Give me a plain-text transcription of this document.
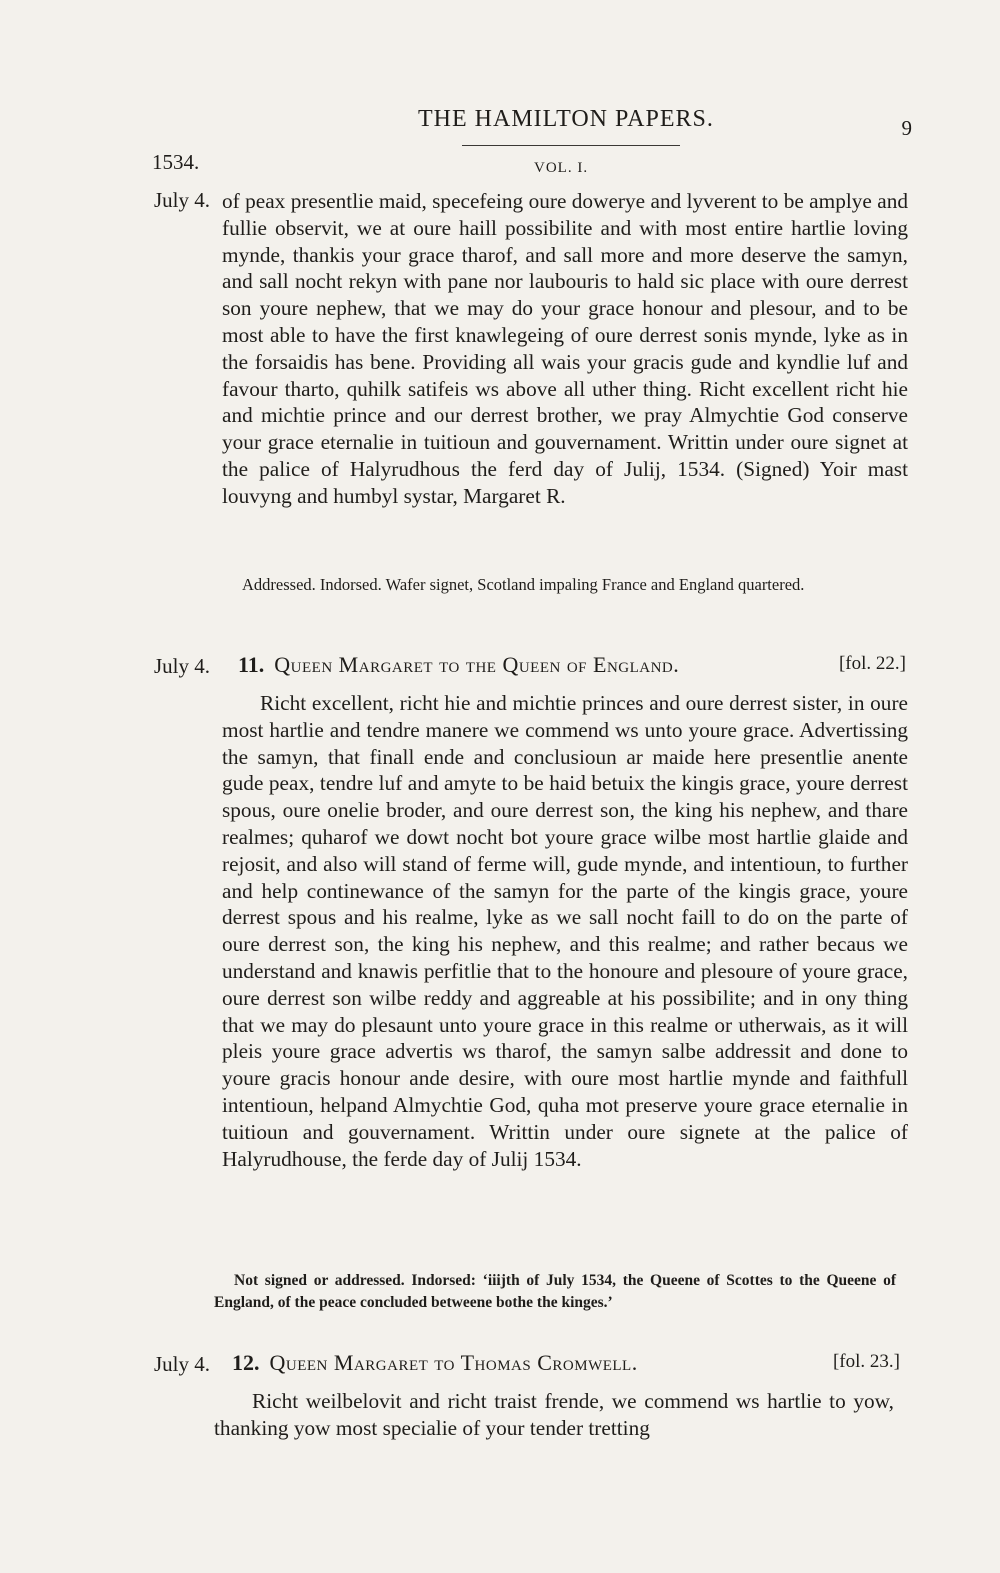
THE HAMILTON PAPERS.	9
1534.	VOL. I.
July 4. of peax presentlie maid, specefeing oure doweryе and lyverent to be amplye and fullie observit, we at oure haill possibilite and with most entire hartlie loving mynde, thankis your grace tharof, and sall more and more deserve the samyn, and sall nocht rekyn with pane nor laubouris to hald sic place with oure derrest son youre nephew, that we may do your grace honour and plesour, and to be most able to have the first knawlegeing of oure derrest sonis mynde, lyke as in the forsaidis has bene. Providing all wais your gracis gude and kyndlie luf and favour tharto, quhilk satifeis ws above all uther thing. Richt excellent richt hie and michtie prince and our derrest brother, we pray Almychtie God conserve your grace eternalie in tuitioun and gouvernament. Writtin under oure signet at the palice of Halyrudhous the ferd day of Julij, 1534. (Signed) Yoir mast louvyng and humbyl systar, Margaret R.

Addressed. Indorsed. Wafer signet, Scotland impaling France and England quartered.
July 4. 11. Queen Margaret to the Queen of England.	[fol. 22.]

Richt excellent, richt hie and michtie princes and oure derrest sister, in oure most hartlie and tendre manere we commend ws unto youre grace. Advertissing the samyn, that finall ende and conclusioun ar maide here presentlie anente gude peax, tendre luf and amyte to be haid betuix the kingis grace, youre derrest spous, oure onelie broder, and oure derrest son, the king his nephew, and thare realmes; quharof we dowt nocht bot youre grace wilbe most hartlie glaide and rejosit, and also will stand of ferme will, gude mynde, and intentioun, to further and help continewance of the samyn for the parte of the kingis grace, youre derrest spous and his realme, lyke as we sall nocht faill to do on the parte of oure derrest son, the king his nephew, and this realme; and rather becaus we understand and knawis perfitlie that to the honoure and plesoure of youre grace, oure derrest son wilbe reddy and aggreable at his possibilite; and in ony thing that we may do plesaunt unto youre grace in this realme or utherwais, as it will pleis youre grace advertis ws tharof, the samyn salbe addressit and done to youre gracis honour ande desire, with oure most hartlie mynde and faithfull intentioun, helpand Almychtie God, quha mot preserve youre grace eternalie in tuitioun and gouvernament. Writtin under oure signete at the palice of Halyrudhouse, the ferde day of Julij 1534.

Not signed or addressed. Indorsed: ‘iiijth of July 1534, the Queene of Scottes to the Queene of England, of the peace concluded betweene bothe the kinges.’
July 4. 12. Queen Margaret to Thomas Cromwell.	[fol. 23.]

Richt weilbelovit and richt traist frende, we commend ws hartlie to yow, thanking yow most specialie of your tender tretting
